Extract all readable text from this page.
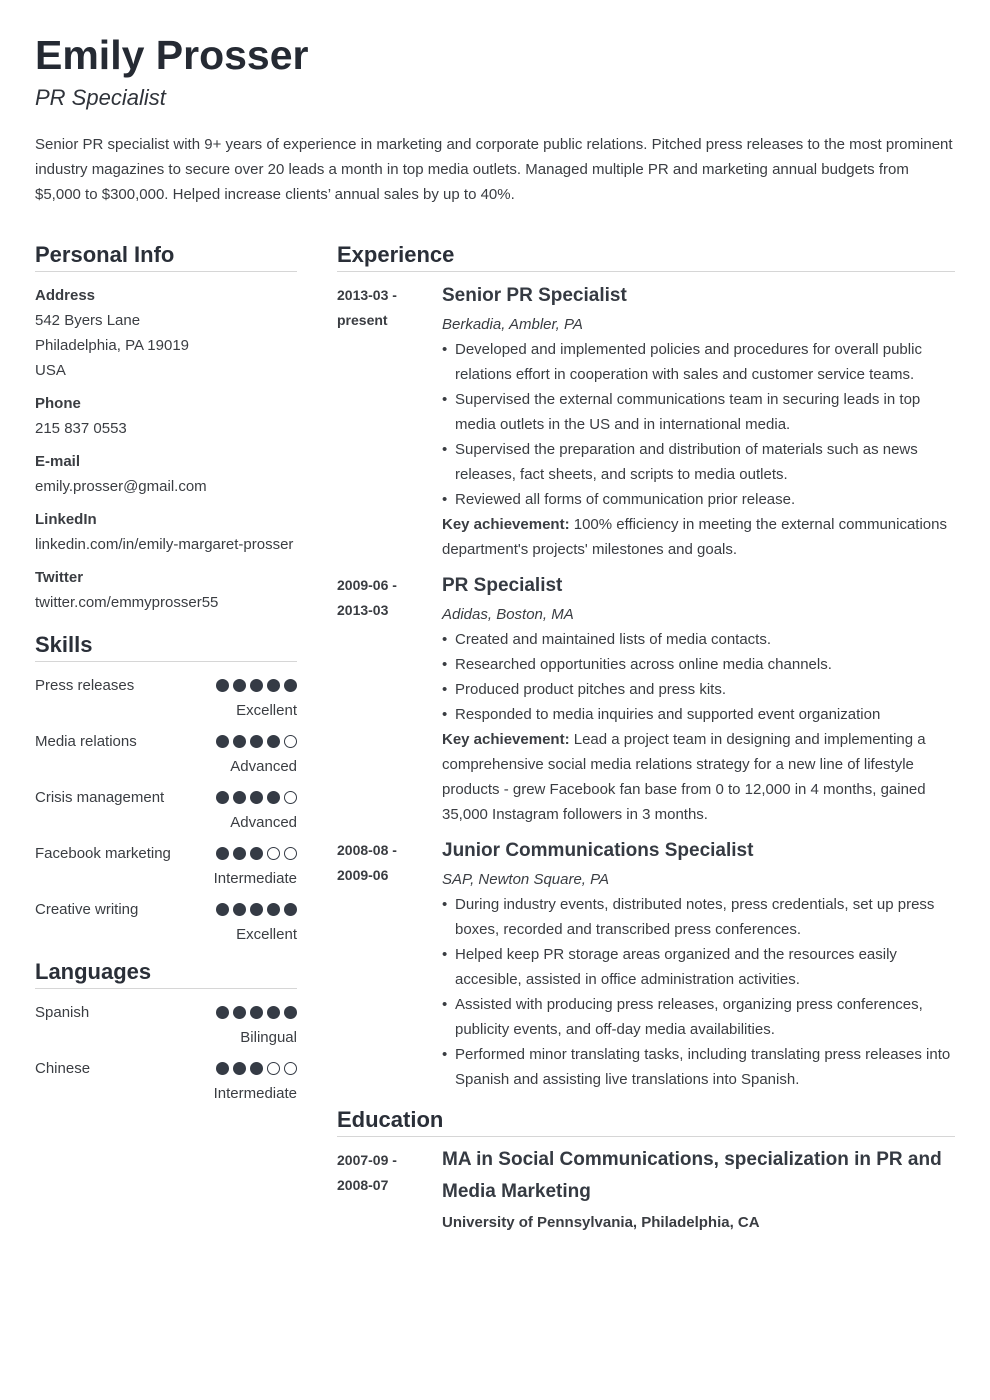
Emily Prosser
PR Specialist

Senior PR specialist with 9+ years of experience in marketing and corporate public relations. Pitched press releases to the most prominent industry magazines to secure over 20 leads a month in top media outlets. Managed multiple PR and marketing annual budgets from $5,000 to $300,000. Helped increase clients’ annual sales by up to 40%.

Personal Info
Address
542 Byers Lane
Philadelphia, PA 19019
USA
Phone
215 837 0553
E-mail
emily.prosser@gmail.com
LinkedIn
linkedin.com/in/emily-margaret-prosser
Twitter
twitter.com/emmyprosser55
Skills
Press releases
Excellent
Media relations
Advanced
Crisis management
Advanced
Facebook marketing
Intermediate
Creative writing
Excellent
Languages
Spanish
Bilingual
Chinese
Intermediate
Experience
2013-03 -
present
Senior PR Specialist
Berkadia, Ambler, PA
• Developed and implemented policies and procedures for overall public relations effort in cooperation with sales and customer service teams.
• Supervised the external communications team in securing leads in top media outlets in the US and in international media.
• Supervised the preparation and distribution of materials such as news releases, fact sheets, and scripts to media outlets.
• Reviewed all forms of communication prior release.
Key achievement: 100% efficiency in meeting the external communications department's projects' milestones and goals.
2009-06 -
2013-03
PR Specialist
Adidas, Boston, MA
• Created and maintained lists of media contacts.
• Researched opportunities across online media channels.
• Produced product pitches and press kits.
• Responded to media inquiries and supported event organization
Key achievement: Lead a project team in designing and implementing a comprehensive social media relations strategy for a new line of lifestyle products - grew Facebook fan base from 0 to 12,000 in 4 months, gained 35,000 Instagram followers in 3 months.
2008-08 -
2009-06
Junior Communications Specialist
SAP, Newton Square, PA
• During industry events, distributed notes, press credentials, set up press boxes, recorded and transcribed press conferences.
• Helped keep PR storage areas organized and the resources easily accesible, assisted in office administration activities.
• Assisted with producing press releases, organizing press conferences, publicity events, and off-day media availabilities.
• Performed minor translating tasks, including translating press releases into Spanish and assisting live translations into Spanish.
Education
2007-09 -
2008-07
MA in Social Communications, specialization in PR and Media Marketing
University of Pennsylvania, Philadelphia, CA
